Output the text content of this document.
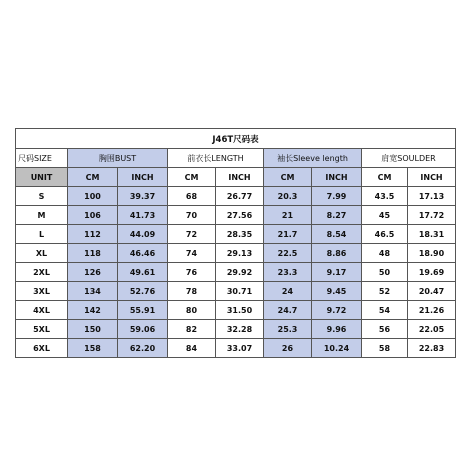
J46T尺码表								
尺码SIZE	胸围BUST		前衣长LENGTH		袖长Sleeve length		肩宽SOULDER	
UNIT	CM	INCH	CM	INCH	CM	INCH	CM	INCH
S	100	39.37	68	26.77	20.3	7.99	43.5	17.13
M	106	41.73	70	27.56	21	8.27	45	17.72
L	112	44.09	72	28.35	21.7	8.54	46.5	18.31
XL	118	46.46	74	29.13	22.5	8.86	48	18.90
2XL	126	49.61	76	29.92	23.3	9.17	50	19.69
3XL	134	52.76	78	30.71	24	9.45	52	20.47
4XL	142	55.91	80	31.50	24.7	9.72	54	21.26
5XL	150	59.06	82	32.28	25.3	9.96	56	22.05
6XL	158	62.20	84	33.07	26	10.24	58	22.83
